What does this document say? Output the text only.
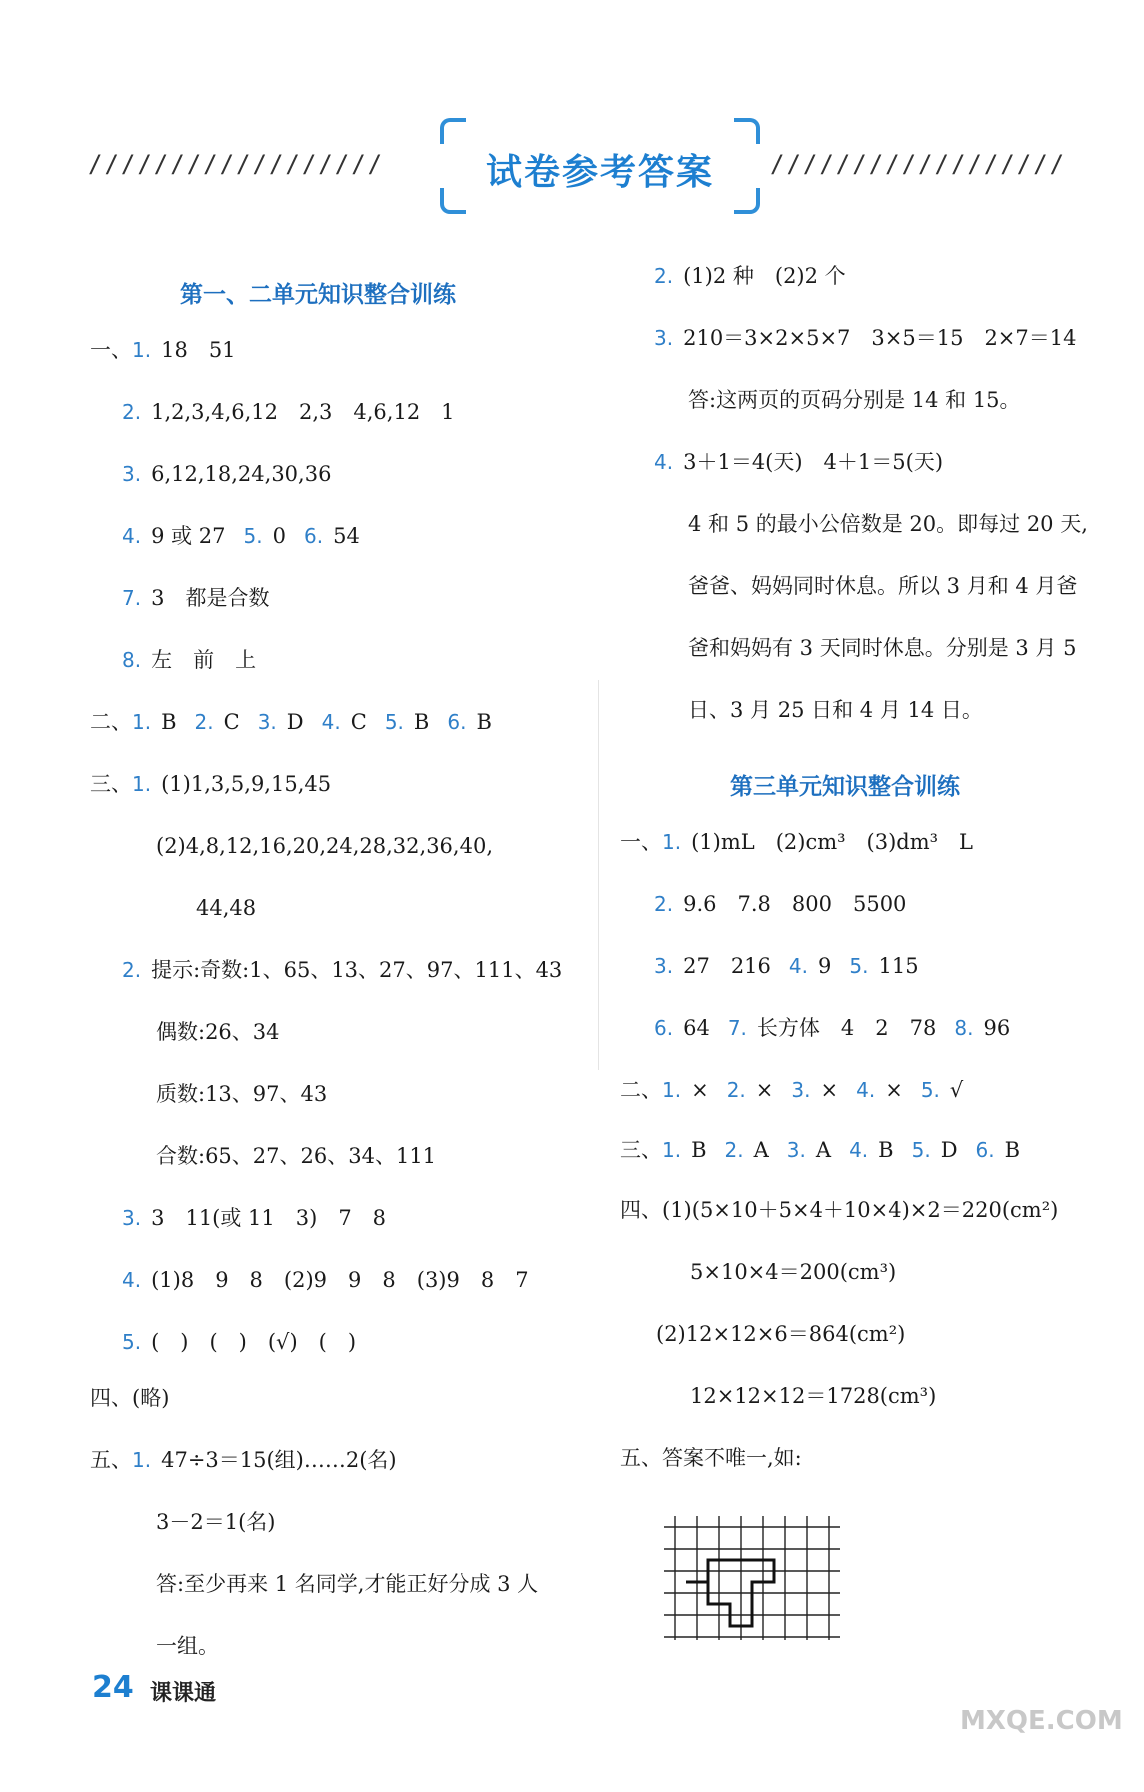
//////////////////	//////////////////
试卷参考答案
第一、二单元知识整合训练
第三单元知识整合训练
一、1. 18　51
2. 1,2,3,4,6,12　2,3　4,6,12　1
3. 6,12,18,24,30,36
4. 9 或 27 5. 0 6. 54
7. 3　都是合数
8. 左　前　上
二、1. B 2. C 3. D 4. C 5. B 6. B
三、1. (1)1,3,5,9,15,45
(2)4,8,12,16,20,24,28,32,36,40,
44,48
2. 提示:奇数:1、65、13、27、97、111、43
偶数:26、34
质数:13、97、43
合数:65、27、26、34、111
3. 3　11(或 11　3)　7　8
4. (1)8　9　8　(2)9　9　8　(3)9　8　7
5. (　)　(　)　(√)　(　)
四、(略)
五、1. 47÷3＝15(组)……2(名)
3－2＝1(名)
答:至少再来 1 名同学,才能正好分成 3 人
一组。
2. (1)2 种　(2)2 个
3. 210＝3×2×5×7　3×5＝15　2×7＝14
答:这两页的页码分别是 14 和 15。
4. 3＋1＝4(天)　4＋1＝5(天)
4 和 5 的最小公倍数是 20。即每过 20 天,
爸爸、妈妈同时休息。所以 3 月和 4 月爸
爸和妈妈有 3 天同时休息。分别是 3 月 5
日、3 月 25 日和 4 月 14 日。
一、1. (1)mL　(2)cm³　(3)dm³　L
2. 9.6　7.8　800　5500
3. 27　216 4. 9 5. 115
6. 64 7. 长方体　4　2　78 8. 96
二、1. × 2. × 3. × 4. × 5. √
三、1. B 2. A 3. A 4. B 5. D 6. B
四、(1)(5×10＋5×4＋10×4)×2＝220(cm²)
5×10×4＝200(cm³)
(2)12×12×6＝864(cm²)
12×12×12＝1728(cm³)
五、答案不唯一,如:
24 课课通
MXQE.COM
